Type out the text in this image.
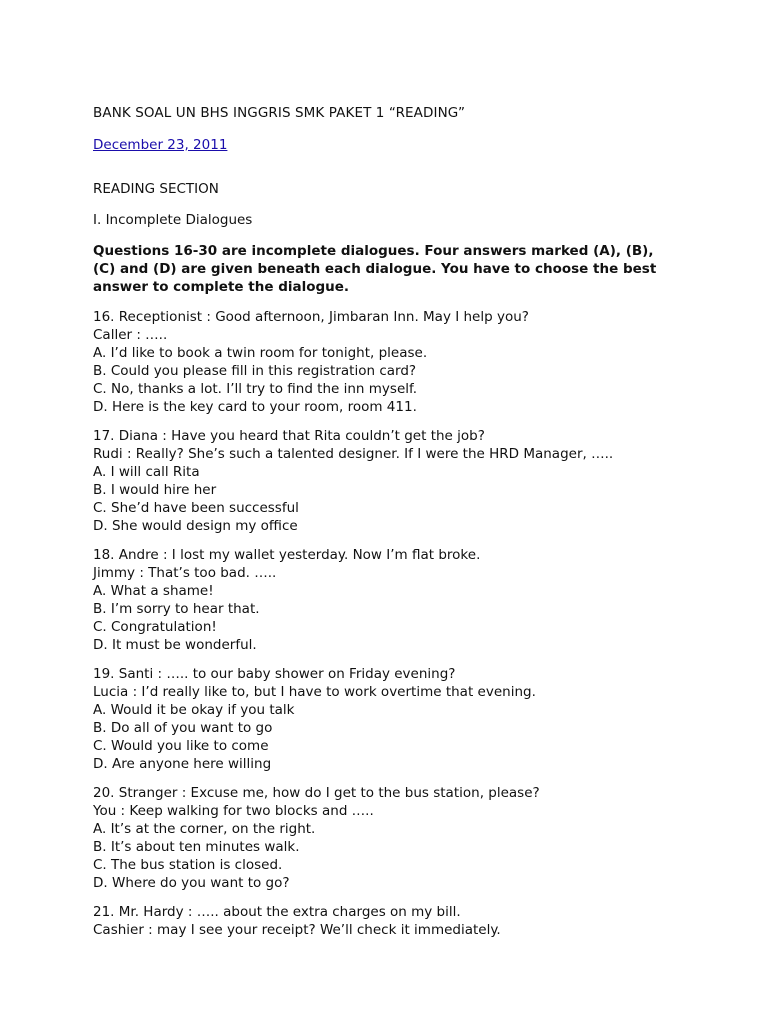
BANK SOAL UN BHS INGGRIS SMK PAKET 1 “READING”
December 23, 2011
READING SECTION
I. Incomplete Dialogues
Questions 16-30 are incomplete dialogues. Four answers marked (A), (B), (C) and (D) are given beneath each dialogue. You have to choose the best answer to complete the dialogue.
16. Receptionist : Good afternoon, Jimbaran Inn. May I help you?
Caller : …..
A. I’d like to book a twin room for tonight, please.
B. Could you please fill in this registration card?
C. No, thanks a lot. I’ll try to find the inn myself.
D. Here is the key card to your room, room 411.
17. Diana : Have you heard that Rita couldn’t get the job?
Rudi : Really? She’s such a talented designer. If I were the HRD Manager, …..
A. I will call Rita
B. I would hire her
C. She’d have been successful
D. She would design my office
18. Andre : I lost my wallet yesterday. Now I’m flat broke.
Jimmy : That’s too bad. …..
A. What a shame!
B. I’m sorry to hear that.
C. Congratulation!
D. It must be wonderful.
19. Santi : ….. to our baby shower on Friday evening?
Lucia : I’d really like to, but I have to work overtime that evening.
A. Would it be okay if you talk
B. Do all of you want to go
C. Would you like to come
D. Are anyone here willing
20. Stranger : Excuse me, how do I get to the bus station, please?
You : Keep walking for two blocks and …..
A. It’s at the corner, on the right.
B. It’s about ten minutes walk.
C. The bus station is closed.
D. Where do you want to go?
21. Mr. Hardy : ….. about the extra charges on my bill.
Cashier : may I see your receipt? We’ll check it immediately.
